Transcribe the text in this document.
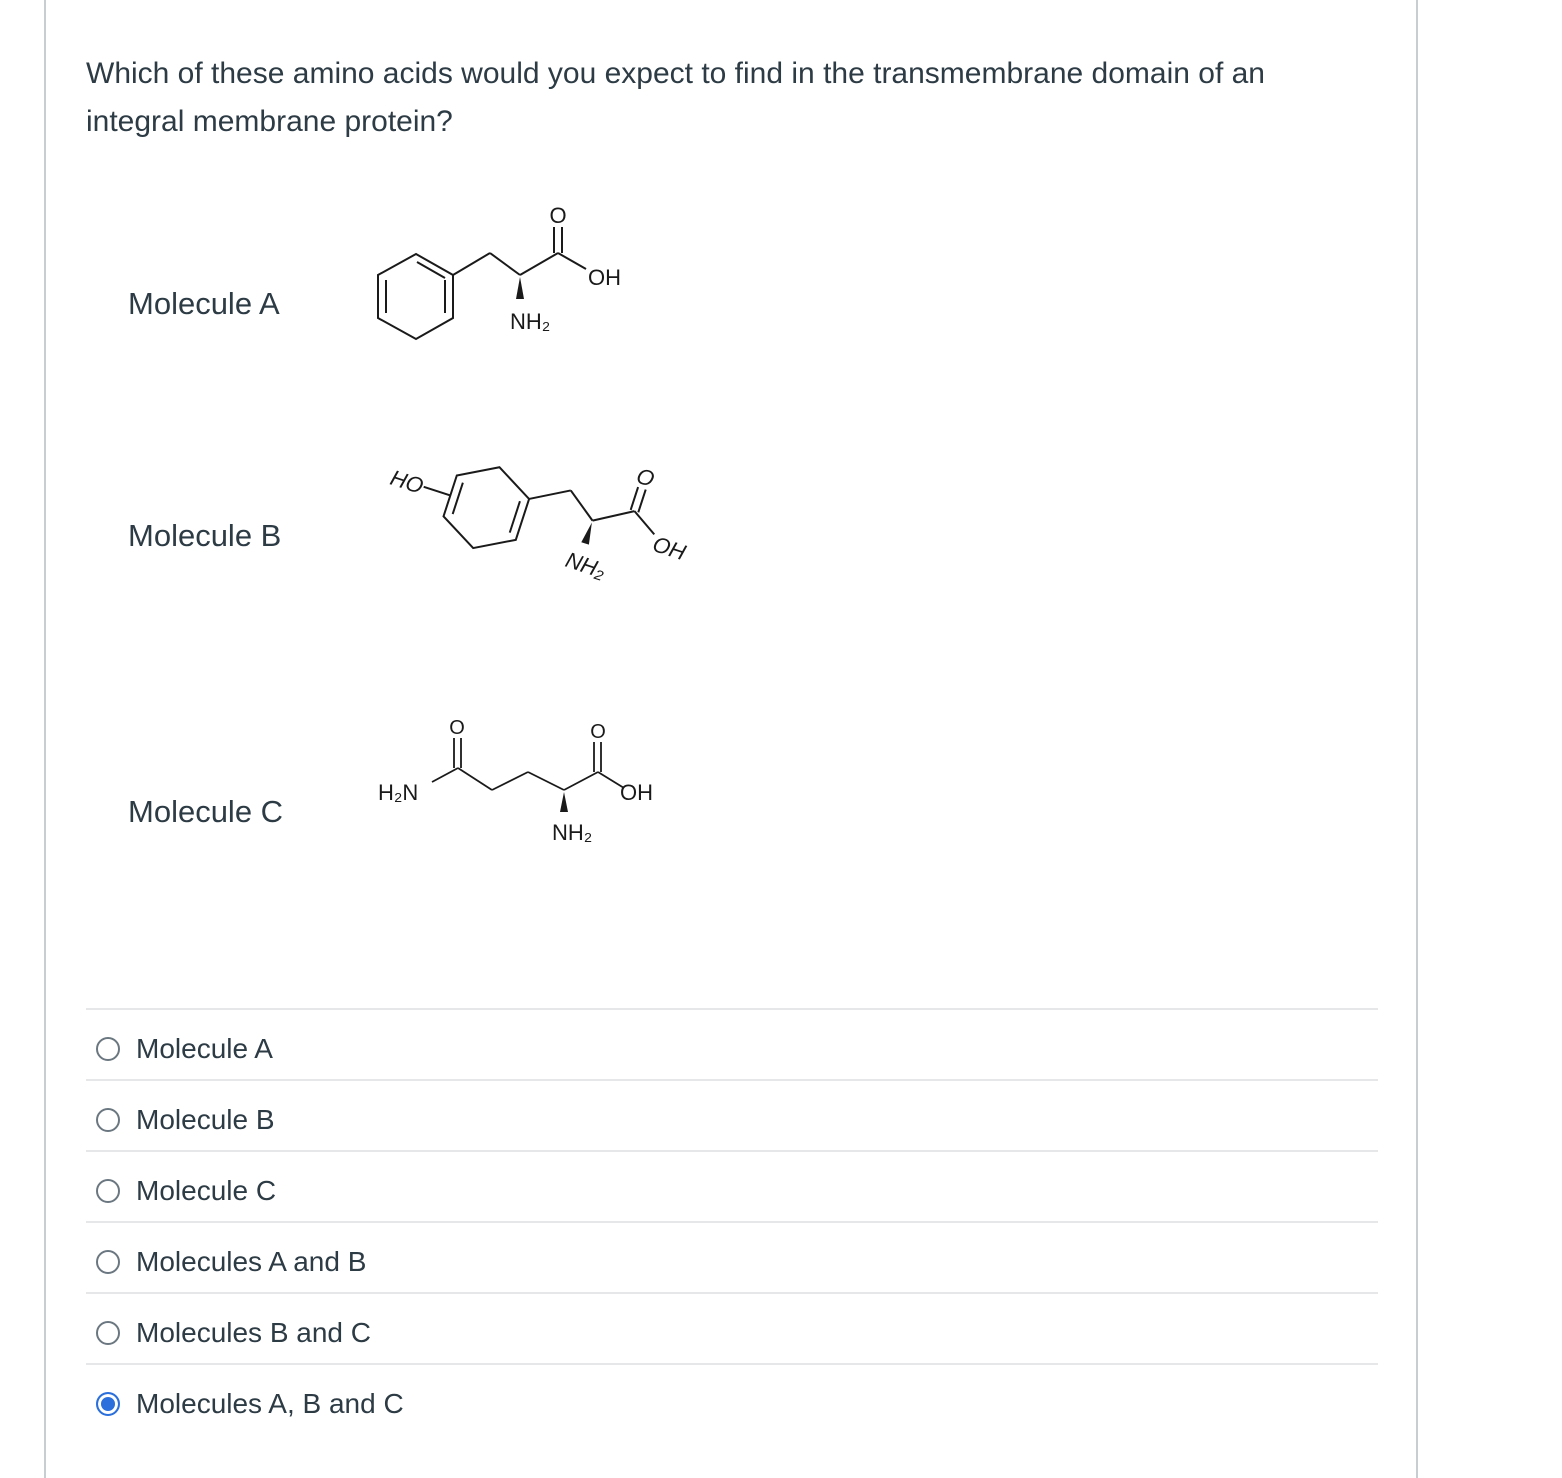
Which of these amino acids would you expect to find in the transmembrane domain of an integral membrane protein?

Molecule A
O
OH
NH₂
Molecule B
HO	O
OH
NH₂
Molecule C
H₂N
O	O
OH
NH₂
Molecule A
Molecule B
Molecule C
Molecules A and B
Molecules B and C
Molecules A, B and C
